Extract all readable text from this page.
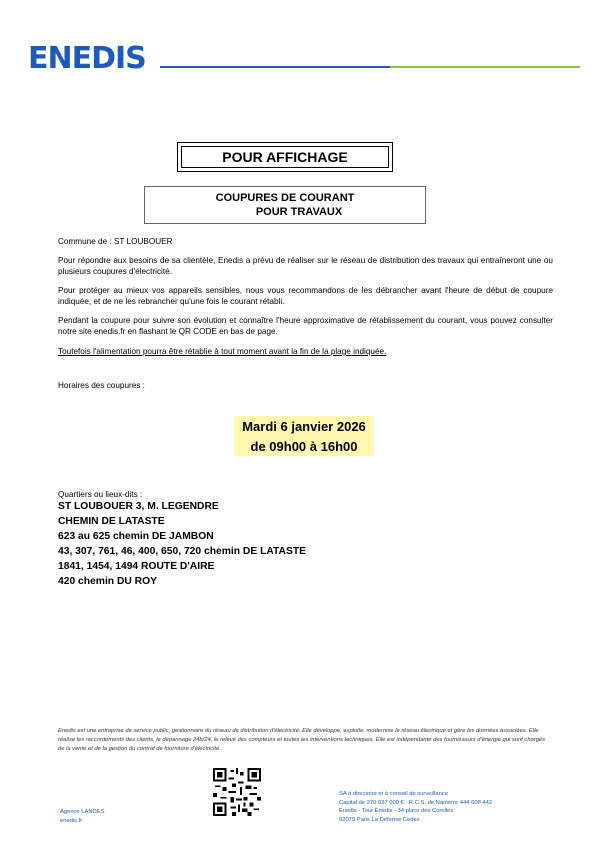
ENEDIS
POUR AFFICHAGE
COUPURES DE COURANT
POUR TRAVAUX
Commune de : ST LOUBOUER
Pour répondre aux besoins de sa clientèle, Enedis a prévu de réaliser sur le réseau de distribution des travaux qui entraîneront une ou plusieurs coupures d'électricité.
Pour protéger au mieux vos appareils sensibles, nous vous recommandons de les débrancher avant l'heure de début de coupure indiquée, et de ne les rebrancher qu'une fois le courant rétabli.
Pendant la coupure pour suivre son évolution et connaître l'heure approximative de rétablissement du courant, vous pouvez consulter notre site enedis.fr en flashant le QR CODE en bas de page.
Toutefois l'alimentation pourra être rétablie à tout moment avant la fin de la plage indiquée.
Horaires des coupures :
Mardi 6 janvier 2026
de 09h00 à 16h00
Quartiers ou lieux-dits :
ST LOUBOUER 3, M. LEGENDRE
CHEMIN DE LATASTE
623 au 625 chemin DE JAMBON
43, 307, 761, 46, 400, 650, 720 chemin DE LATASTE
1841, 1454, 1494 ROUTE D'AIRE
420 chemin DU ROY
Enedis est une entreprise de service public, gestionnaire du réseau de distribution d'électricité. Elle développe, exploite, modernise le réseau électrique et gère les données associées. Elle réalise les raccordements des clients, le dépannage 24h/24, le relevé des compteurs et toutes les interventions techniques. Elle est indépendante des fournisseurs d'énergie qui sont chargés de la vente et de la gestion du contrat de fourniture d'électricité.
Agence LANDES
enedis.fr
SA à directoire et à conseil de surveillance
Capital de 270 037 000 € - R.C.S. de Nanterre 444 608 442
Enedis - Tour Enedis - 34 place des Corolles
92079 Paris La Défense Cedex
